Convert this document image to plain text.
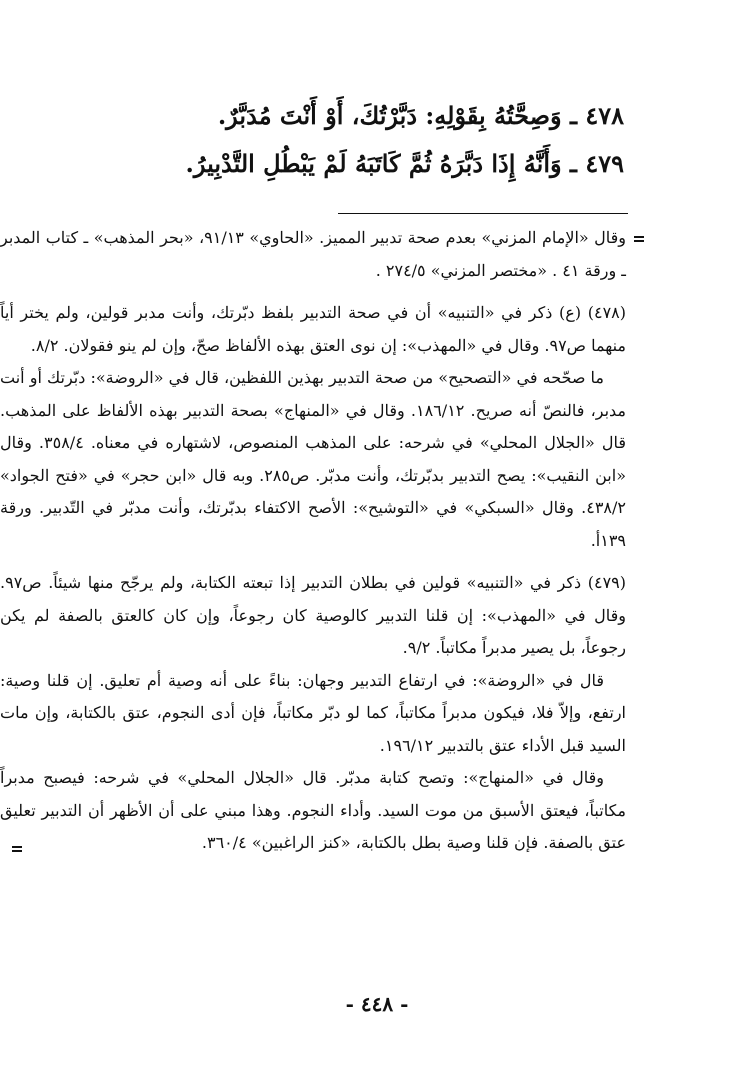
٤٧٨ ـ وَصِحَّتُهُ بِقَوْلِهِ: دَبَّرْتُكَ، أَوْ أَنْتَ مُدَبَّرٌ.
٤٧٩ ـ وَأَنَّهُ إِذَا دَبَّرَهُ ثُمَّ كَاتَبَهُ لَمْ يَبْطُلِ التَّدْبِيرُ.

وقال «الإمام المزني» بعدم صحة تدبير المميز. «الحاوي» ٩١/١٣، «بحر المذهب» ـ كتاب المدبر ـ ورقة ٤١ . «مختصر المزني» ٢٧٤/٥ .

(٤٧٨) (ع) ذكر في «التنبيه» أن في صحة التدبير بلفظ دبّرتك، وأنت مدبر قولين، ولم يختر أياً منهما ص٩٧. وقال في «المهذب»: إن نوى العتق بهذه الألفاظ صحّ، وإن لم ينو فقولان. ٨/٢.

ما صحّحه في «التصحيح» من صحة التدبير بهذين اللفظين، قال في «الروضة»: دبّرتك أو أنت مدبر، فالنصّ أنه صريح. ١٨٦/١٢. وقال في «المنهاج» بصحة التدبير بهذه الألفاظ على المذهب. قال «الجلال المحلي» في شرحه: على المذهب المنصوص، لاشتهاره في معناه. ٣٥٨/٤. وقال «ابن النقيب»: يصح التدبير بدبّرتك، وأنت مدبّر. ص٢٨٥. وبه قال «ابن حجر» في «فتح الجواد» ٤٣٨/٢. وقال «السبكي» في «التوشيح»: الأصح الاكتفاء بدبّرتك، وأنت مدبّر في التّدبير. ورقة ١٣٩أ.

(٤٧٩) ذكر في «التنبيه» قولين في بطلان التدبير إذا تبعته الكتابة، ولم يرجّح منها شيئاً. ص٩٧. وقال في «المهذب»: إن قلنا التدبير كالوصية كان رجوعاً، وإن كان كالعتق بالصفة لم يكن رجوعاً، بل يصير مدبراً مكاتباً. ٩/٢.

قال في «الروضة»: في ارتفاع التدبير وجهان: بناءً على أنه وصية أم تعليق. إن قلنا وصية: ارتفع، وإلاّ فلا، فيكون مدبراً مكاتباً، كما لو دبّر مكاتباً، فإن أدى النجوم، عتق بالكتابة، وإن مات السيد قبل الأداء عتق بالتدبير ١٩٦/١٢.

وقال في «المنهاج»: وتصح كتابة مدبّر. قال «الجلال المحلي» في شرحه: فيصبح مدبراً مكاتباً، فيعتق الأسبق من موت السيد. وأداء النجوم. وهذا مبني على أن الأظهر أن التدبير تعليق عتق بالصفة. فإن قلنا وصية بطل بالكتابة، «كنز الراغبين» ٣٦٠/٤.

- ٤٤٨ -
